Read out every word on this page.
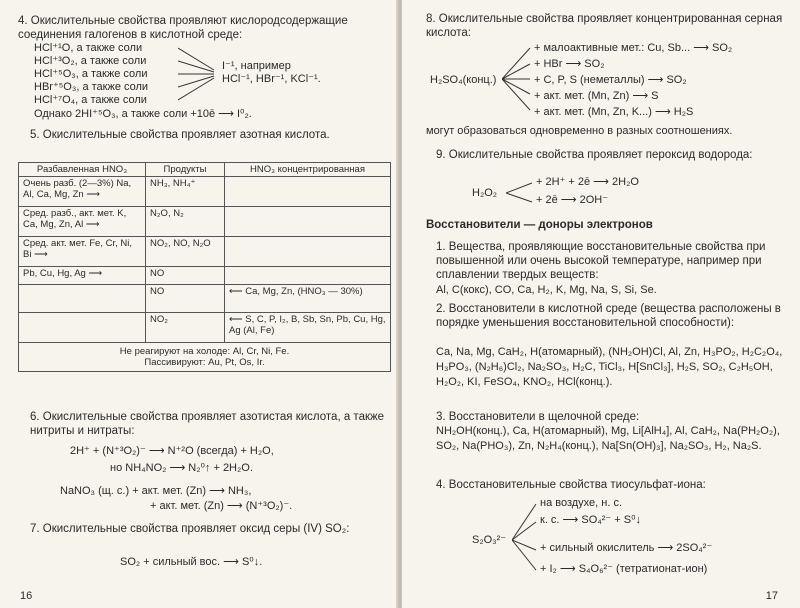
4. Окислительные свойства проявляют кислородсодержащие соединения галогенов в кислотной среде:

HCl⁺¹O, а также соли

HCl⁺³O₂, а также соли

HCl⁺⁵O₃, а также соли

HBr⁺⁵O₃, а также соли

HCl⁺⁷O₄, а также соли

I⁻¹, например
HCl⁻¹, HBr⁻¹, KCl⁻¹.
Однако 2HI⁺⁵O₃, а также соли +10ē ⟶ I⁰₂.
5. Окислительные свойства проявляет азотная кислота.
Разбавленная HNO₃	Продукты	HNO₃ концентрированная
Очень разб. (2—3%) Na, Al, Ca, Mg, Zn ⟶	NH₃, NH₄⁺	
Сред. разб., акт. мет. K, Ca, Mg, Zn, Al ⟶	N₂O, N₂	
Сред. акт. мет. Fe, Cr, Ni, Bi ⟶	NO₂, NO, N₂O	
Pb, Cu, Hg, Ag ⟶	NO	
	NO	⟵ Ca, Mg, Zn, (HNO₃ — 30%)
	NO₂	⟵ S, C, P, I₂, B, Sb, Sn, Pb, Cu, Hg, Ag (Al, Fe)

Не реагируют на холоде: Al, Cr, Ni, Fe.
Пассивируют: Au, Pt, Os, Ir.		
6. Окислительные свойства проявляет азотистая кислота, а также нитриты и нитраты:
2H⁺ + (N⁺³O₂)⁻ ⟶ N⁺²O (всегда) + H₂O,
но NH₄NO₂ ⟶ N₂⁰↑ + 2H₂O.
NaNO₃ (щ. с.) + акт. мет. (Zn) ⟶ NH₃,
+ акт. мет. (Zn) ⟶ (N⁺³O₂)⁻.
7. Окислительные свойства проявляет оксид серы (IV) SO₂:
SO₂ + сильный вос. ⟶ S⁰↓.
16
8. Окислительные свойства проявляет концентрированная серная кислота:
H₂SO₄(конц.)

+ малоактивные мет.: Cu, Sb... ⟶ SO₂

+ HBr ⟶ SO₂

+ C, P, S (неметаллы) ⟶ SO₂

+ акт. мет. (Mn, Zn) ⟶ S

+ акт. мет. (Mn, Zn, K...) ⟶ H₂S

могут образоваться одновременно в разных соотношениях.
9. Окислительные свойства проявляет пероксид водорода:
H₂O₂
+ 2H⁺ + 2ē ⟶ 2H₂O
+ 2ē ⟶ 2OH⁻
Восстановители — доноры электронов
1. Вещества, проявляющие восстановительные свойства при повышенной или очень высокой температуре, например при сплавлении твердых веществ:
Al, C(кокс), CO, Ca, H₂, K, Mg, Na, S, Si, Se.
2. Восстановители в кислотной среде (вещества расположены в порядке уменьшения восстановительной способности):
Ca, Na, Mg, CaH₂, H(атомарный), (NH₂OH)Cl, Al, Zn, H₃PO₂, H₂C₂O₄, H₃PO₃, (N₂H₆)Cl₂, Na₂SO₃, H₂C, TiCl₃, H[SnCl₃], H₂S, SO₂, C₂H₅OH, H₂O₂, KI, FeSO₄, KNO₂, HCl(конц.).
3. Восстановители в щелочной среде:
NH₂OH(конц.), Ca, H(атомарный), Mg, Li[AlH₄], Al, CaH₂, Na(PH₂O₂), SO₂, Na(PHO₃), Zn, N₂H₄(конц.), Na[Sn(OH)₃], Na₂SO₃, H₂, Na₂S.
4. Восстановительные свойства тиосульфат-иона:
S₂O₃²⁻
на воздухе, н. с.
к. с. ⟶ SO₄²⁻ + S⁰↓
+ сильный окислитель ⟶ 2SO₄²⁻
+ I₂ ⟶ S₄O₆²⁻ (тетратионат-ион)
17
